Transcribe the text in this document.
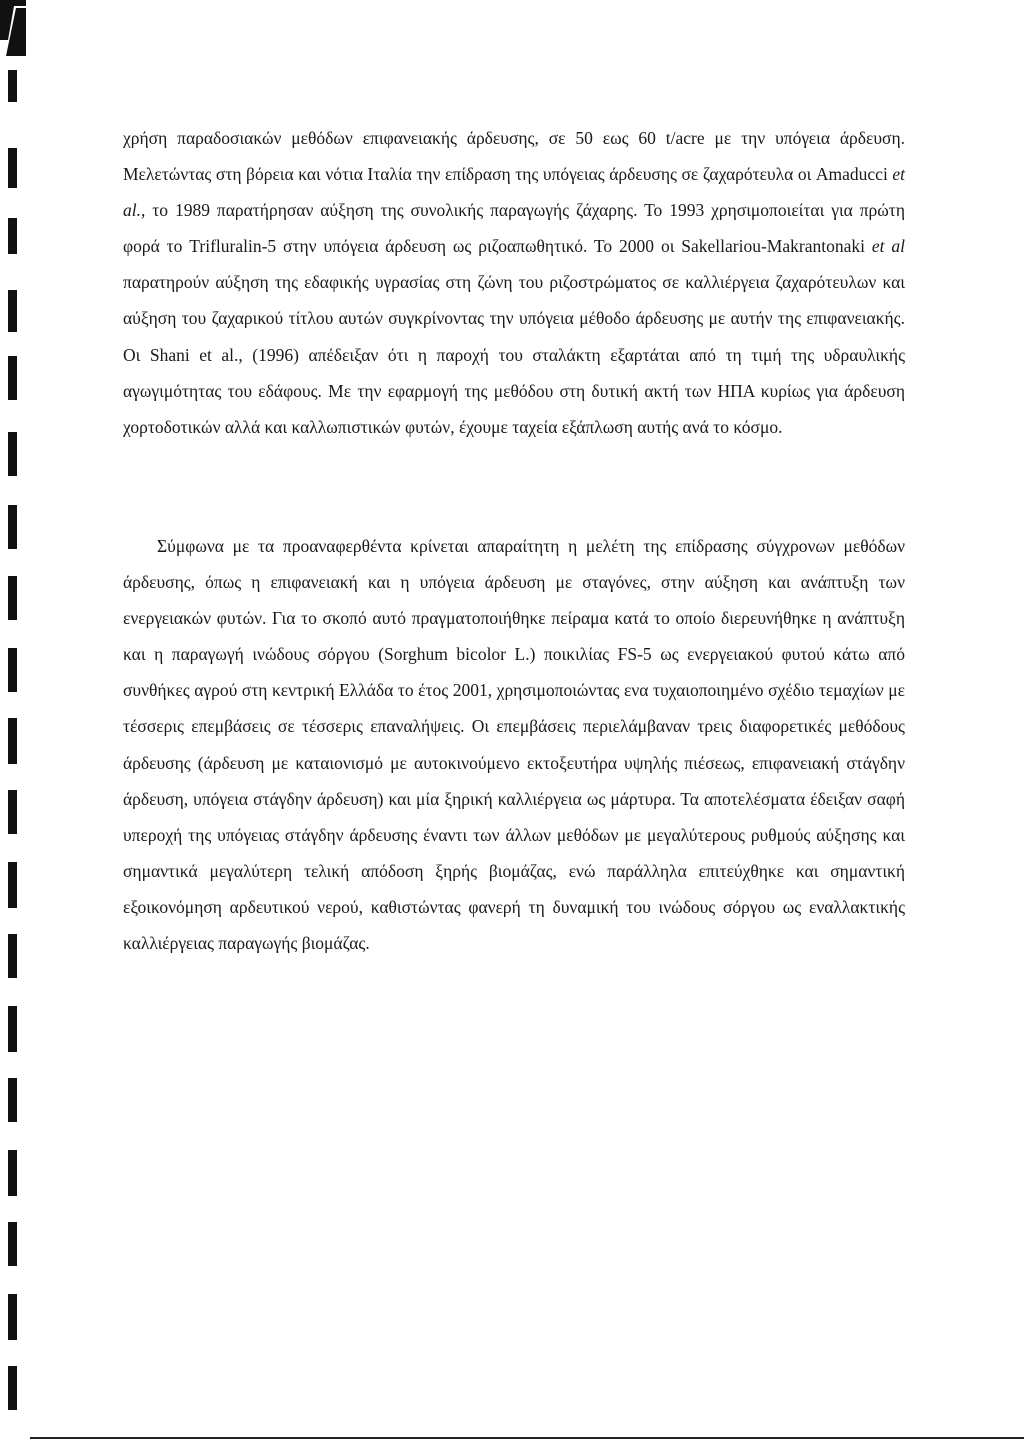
χρήση παραδοσιακών μεθόδων επιφανειακής άρδευσης, σε 50 εως 60 t/acre με την υπόγεια άρδευση. Μελετώντας στη βόρεια και νότια Ιταλία την επίδραση της υπόγειας άρδευσης σε ζαχαρότευλα οι Amaducci et al., το 1989 παρατήρησαν αύξηση της συνολικής παραγωγής ζάχαρης. Το 1993 χρησιμοποιείται για πρώτη φορά το Trifluralin-5 στην υπόγεια άρδευση ως ριζοαπωθητικό. Το 2000 οι Sakellariou-Makrantonaki et al παρατηρούν αύξηση της εδαφικής υγρασίας στη ζώνη του ριζοστρώματος σε καλλιέργεια ζαχαρότευλων και αύξηση του ζαχαρικού τίτλου αυτών συγκρίνοντας την υπόγεια μέθοδο άρδευσης με αυτήν της επιφανειακής. Οι Shani et al., (1996) απέδειξαν ότι η παροχή του σταλάκτη εξαρτάται από τη τιμή της υδραυλικής αγωγιμότητας του εδάφους. Με την εφαρμογή της μεθόδου στη δυτική ακτή των ΗΠΑ κυρίως για άρδευση χορτοδοτικών αλλά και καλλωπιστικών φυτών, έχουμε ταχεία εξάπλωση αυτής ανά το κόσμο.

Σύμφωνα με τα προαναφερθέντα κρίνεται απαραίτητη η μελέτη της επίδρασης σύγχρονων μεθόδων άρδευσης, όπως η επιφανειακή και η υπόγεια άρδευση με σταγόνες, στην αύξηση και ανάπτυξη των ενεργειακών φυτών. Για το σκοπό αυτό πραγματοποιήθηκε πείραμα κατά το οποίο διερευνήθηκε η ανάπτυξη και η παραγωγή ινώδους σόργου (Sorghum bicolor L.) ποικιλίας FS-5 ως ενεργειακού φυτού κάτω από συνθήκες αγρού στη κεντρική Ελλάδα το έτος 2001, χρησιμοποιώντας ενα τυχαιοποιημένο σχέδιο τεμαχίων με τέσσερις επεμβάσεις σε τέσσερις επαναλήψεις. Οι επεμβάσεις περιελάμβαναν τρεις διαφορετικές μεθόδους άρδευσης (άρδευση με καταιονισμό με αυτοκινούμενο εκτοξευτήρα υψηλής πιέσεως, επιφανειακή στάγδην άρδευση, υπόγεια στάγδην άρδευση) και μία ξηρική καλλιέργεια ως μάρτυρα. Τα αποτελέσματα έδειξαν σαφή υπεροχή της υπόγειας στάγδην άρδευσης έναντι των άλλων μεθόδων με μεγαλύτερους ρυθμούς αύξησης και σημαντικά μεγαλύτερη τελική απόδοση ξηρής βιομάζας, ενώ παράλληλα επιτεύχθηκε και σημαντική εξοικονόμηση αρδευτικού νερού, καθιστώντας φανερή τη δυναμική του ινώδους σόργου ως εναλλακτικής καλλιέργειας παραγωγής βιομάζας.
